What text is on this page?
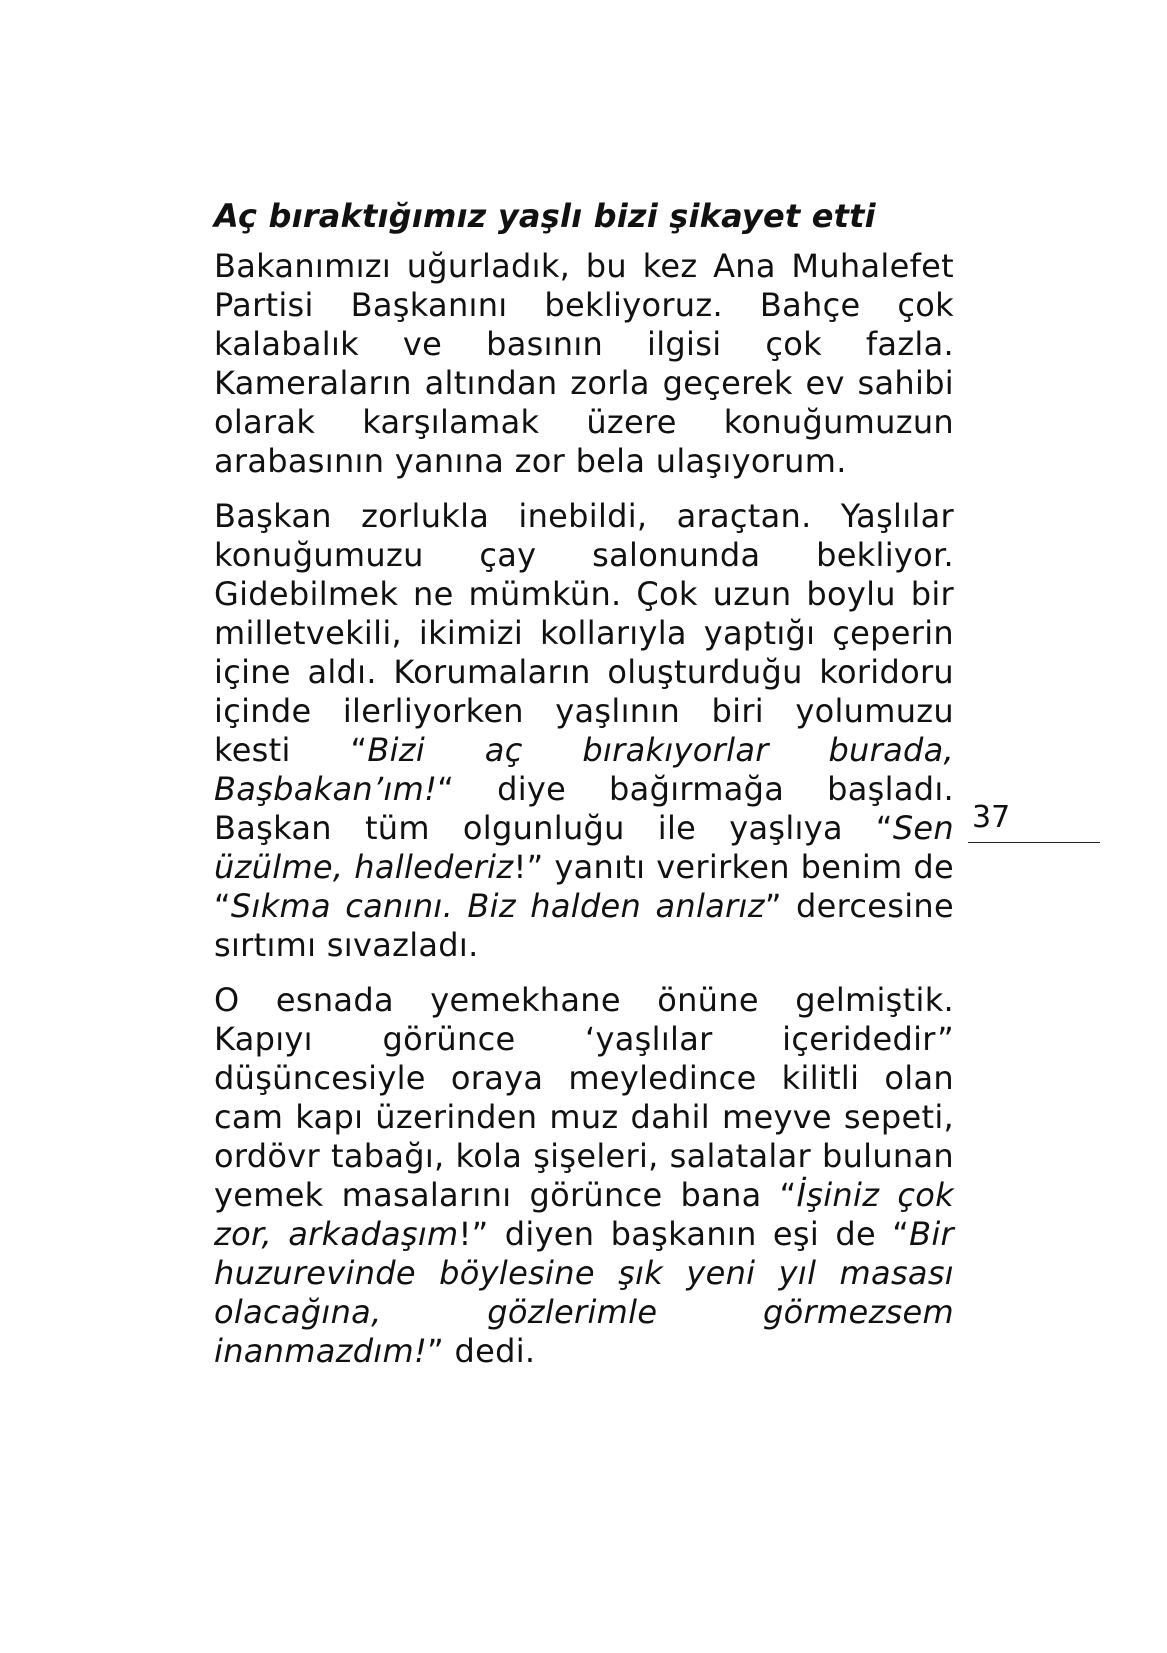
Aç bıraktığımız yaşlı bizi şikayet etti

Bakanımızı uğurladık, bu kez Ana Muhalefet Partisi Başkanını bekliyoruz. Bahçe çok kalabalık ve basının ilgisi çok fazla. Kameraların altından zorla geçerek ev sahibi olarak karşılamak üzere konuğumuzun arabasının yanına zor bela ulaşıyorum.

Başkan zorlukla inebildi, araçtan. Yaşlılar konuğumuzu çay salonunda bekliyor. Gidebilmek ne mümkün. Çok uzun boylu bir milletvekili, ikimizi kollarıyla yaptığı çeperin içine aldı. Korumaların oluşturduğu koridoru içinde ilerliyorken yaşlının biri yolumuzu kesti “Bizi aç bırakıyorlar burada, Başbakan’ım!“ diye bağırmağa başladı. Başkan tüm olgunluğu ile yaşlıya “Sen üzülme, hallederiz!” yanıtı verirken benim de “Sıkma canını. Biz halden anlarız” dercesine sırtımı sıvazladı.

O esnada yemekhane önüne gelmiştik. Kapıyı görünce ‘yaşlılar içeridedir” düşüncesiyle oraya meyledince kilitli olan cam kapı üzerinden muz dahil meyve sepeti, ordövr tabağı, kola şişeleri, salatalar bulunan yemek masalarını görünce bana “İşiniz çok zor, arkadaşım!” diyen başkanın eşi de “Bir huzurevinde böylesine şık yeni yıl masası olacağına, gözlerimle görmezsem inanmazdım!” dedi.

37
